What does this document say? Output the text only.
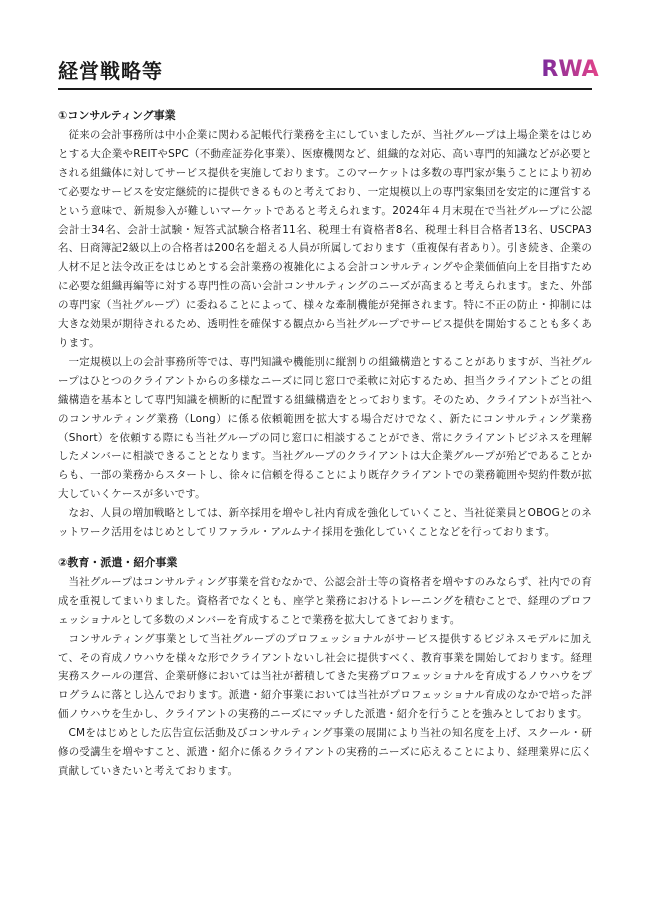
経営戦略等	RWA
①コンサルティング事業

従来の会計事務所は中小企業に関わる記帳代行業務を主にしていましたが、当社グループは上場企業をはじめとする大企業やREITやSPC（不動産証券化事業）、医療機関など、組織的な対応、高い専門的知識などが必要とされる組織体に対してサービス提供を実施しております。このマーケットは多数の専門家が集うことにより初めて必要なサービスを安定継続的に提供できるものと考えており、一定規模以上の専門家集団を安定的に運営するという意味で、新規参入が難しいマーケットであると考えられます。2024年４月末現在で当社グループに公認会計士34名、会計士試験・短答式試験合格者11名、税理士有資格者8名、税理士科目合格者13名、USCPA3名、日商簿記2級以上の合格者は200名を超える人員が所属しております（重複保有者あり）。引き続き、企業の人材不足と法令改正をはじめとする会計業務の複雑化による会計コンサルティングや企業価値向上を目指すために必要な組織再編等に対する専門性の高い会計コンサルティングのニーズが高まると考えられます。また、外部の専門家（当社グループ）に委ねることによって、様々な牽制機能が発揮されます。特に不正の防止・抑制には大きな効果が期待されるため、透明性を確保する観点から当社グループでサービス提供を開始することも多くあります。

一定規模以上の会計事務所等では、専門知識や機能別に縦割りの組織構造とすることがありますが、当社グループはひとつのクライアントからの多様なニーズに同じ窓口で柔軟に対応するため、担当クライアントごとの組織構造を基本として専門知識を横断的に配置する組織構造をとっております。そのため、クライアントが当社へのコンサルティング業務（Long）に係る依頼範囲を拡大する場合だけでなく、新たにコンサルティング業務（Short）を依頼する際にも当社グループの同じ窓口に相談することができ、常にクライアントビジネスを理解したメンバーに相談できることとなります。当社グループのクライアントは大企業グループが殆どであることからも、一部の業務からスタートし、徐々に信頼を得ることにより既存クライアントでの業務範囲や契約件数が拡大していくケースが多いです。

なお、人員の増加戦略としては、新卒採用を増やし社内育成を強化していくこと、当社従業員とOBOGとのネットワーク活用をはじめとしてリファラル・アルムナイ採用を強化していくことなどを行っております。

②教育・派遣・紹介事業

当社グループはコンサルティング事業を営むなかで、公認会計士等の資格者を増やすのみならず、社内での育成を重視してまいりました。資格者でなくとも、座学と業務におけるトレーニングを積むことで、経理のプロフェッショナルとして多数のメンバーを育成することで業務を拡大してきております。

コンサルティング事業として当社グループのプロフェッショナルがサービス提供するビジネスモデルに加えて、その育成ノウハウを様々な形でクライアントないし社会に提供すべく、教育事業を開始しております。経理実務スクールの運営、企業研修においては当社が蓄積してきた実務プロフェッショナルを育成するノウハウをプログラムに落とし込んでおります。派遣・紹介事業においては当社がプロフェッショナル育成のなかで培った評価ノウハウを生かし、クライアントの実務的ニーズにマッチした派遣・紹介を行うことを強みとしております。

CMをはじめとした広告宣伝活動及びコンサルティング事業の展開により当社の知名度を上げ、スクール・研修の受講生を増やすこと、派遣・紹介に係るクライアントの実務的ニーズに応えることにより、経理業界に広く貢献していきたいと考えております。
